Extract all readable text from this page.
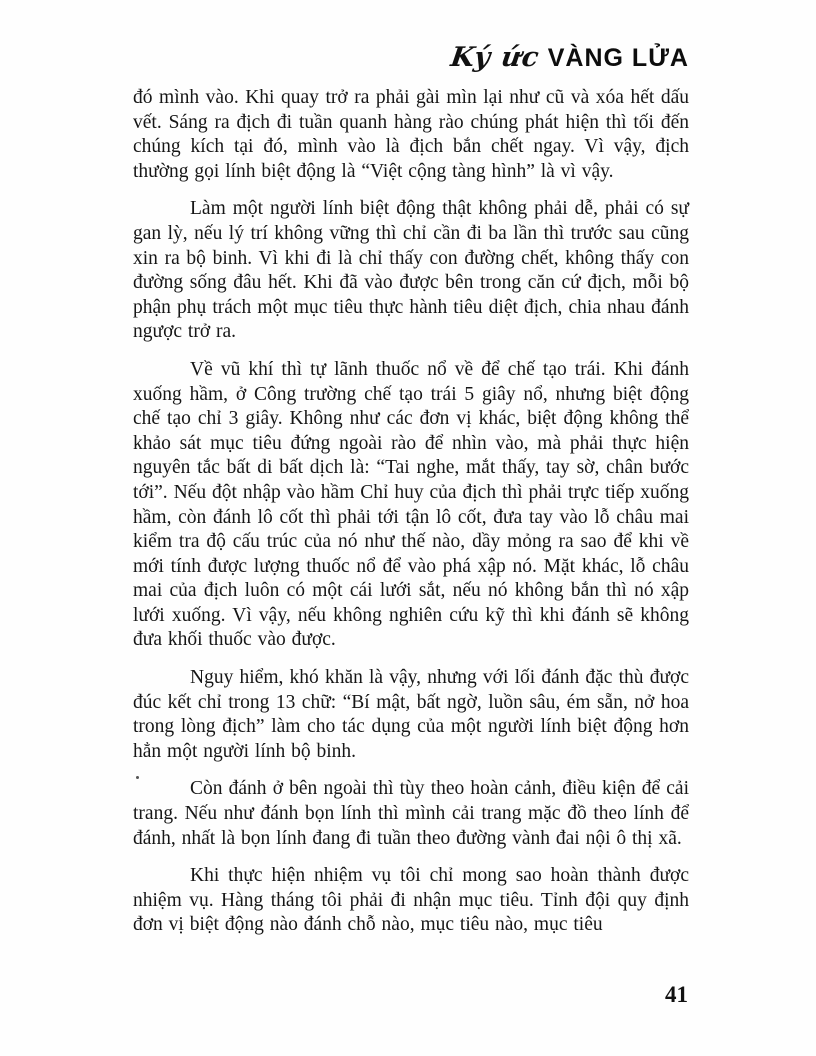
Ký ức VÀNG LỬA

đó mình vào. Khi quay trở ra phải gài mìn lại như cũ và xóa hết dấu vết. Sáng ra địch đi tuần quanh hàng rào chúng phát hiện thì tối đến chúng kích tại đó, mình vào là địch bắn chết ngay. Vì vậy, địch thường gọi lính biệt động là “Việt cộng tàng hình” là vì vậy.

Làm một người lính biệt động thật không phải dễ, phải có sự gan lỳ, nếu lý trí không vững thì chỉ cần đi ba lần thì trước sau cũng xin ra bộ binh. Vì khi đi là chỉ thấy con đường chết, không thấy con đường sống đâu hết. Khi đã vào được bên trong căn cứ địch, mỗi bộ phận phụ trách một mục tiêu thực hành tiêu diệt địch, chia nhau đánh ngược trở ra.

Về vũ khí thì tự lãnh thuốc nổ về để chế tạo trái. Khi đánh xuống hầm, ở Công trường chế tạo trái 5 giây nổ, nhưng biệt động chế tạo chỉ 3 giây. Không như các đơn vị khác, biệt động không thể khảo sát mục tiêu đứng ngoài rào để nhìn vào, mà phải thực hiện nguyên tắc bất di bất dịch là: “Tai nghe, mắt thấy, tay sờ, chân bước tới”. Nếu đột nhập vào hầm Chỉ huy của địch thì phải trực tiếp xuống hầm, còn đánh lô cốt thì phải tới tận lô cốt, đưa tay vào lỗ châu mai kiểm tra độ cấu trúc của nó như thế nào, dầy mỏng ra sao để khi về mới tính được lượng thuốc nổ để vào phá xập nó. Mặt khác, lỗ châu mai của địch luôn có một cái lưới sắt, nếu nó không bắn thì nó xập lưới xuống. Vì vậy, nếu không nghiên cứu kỹ thì khi đánh sẽ không đưa khối thuốc vào được.

Nguy hiểm, khó khăn là vậy, nhưng với lối đánh đặc thù được đúc kết chỉ trong 13 chữ: “Bí mật, bất ngờ, luồn sâu, ém sẵn, nở hoa trong lòng địch” làm cho tác dụng của một người lính biệt động hơn hẳn một người lính bộ binh.

Còn đánh ở bên ngoài thì tùy theo hoàn cảnh, điều kiện để cải trang. Nếu như đánh bọn lính thì mình cải trang mặc đồ theo lính để đánh, nhất là bọn lính đang đi tuần theo đường vành đai nội ô thị xã.

Khi thực hiện nhiệm vụ tôi chỉ mong sao hoàn thành được nhiệm vụ. Hàng tháng tôi phải đi nhận mục tiêu. Tỉnh đội quy định đơn vị biệt động nào đánh chỗ nào, mục tiêu nào, mục tiêu

41
